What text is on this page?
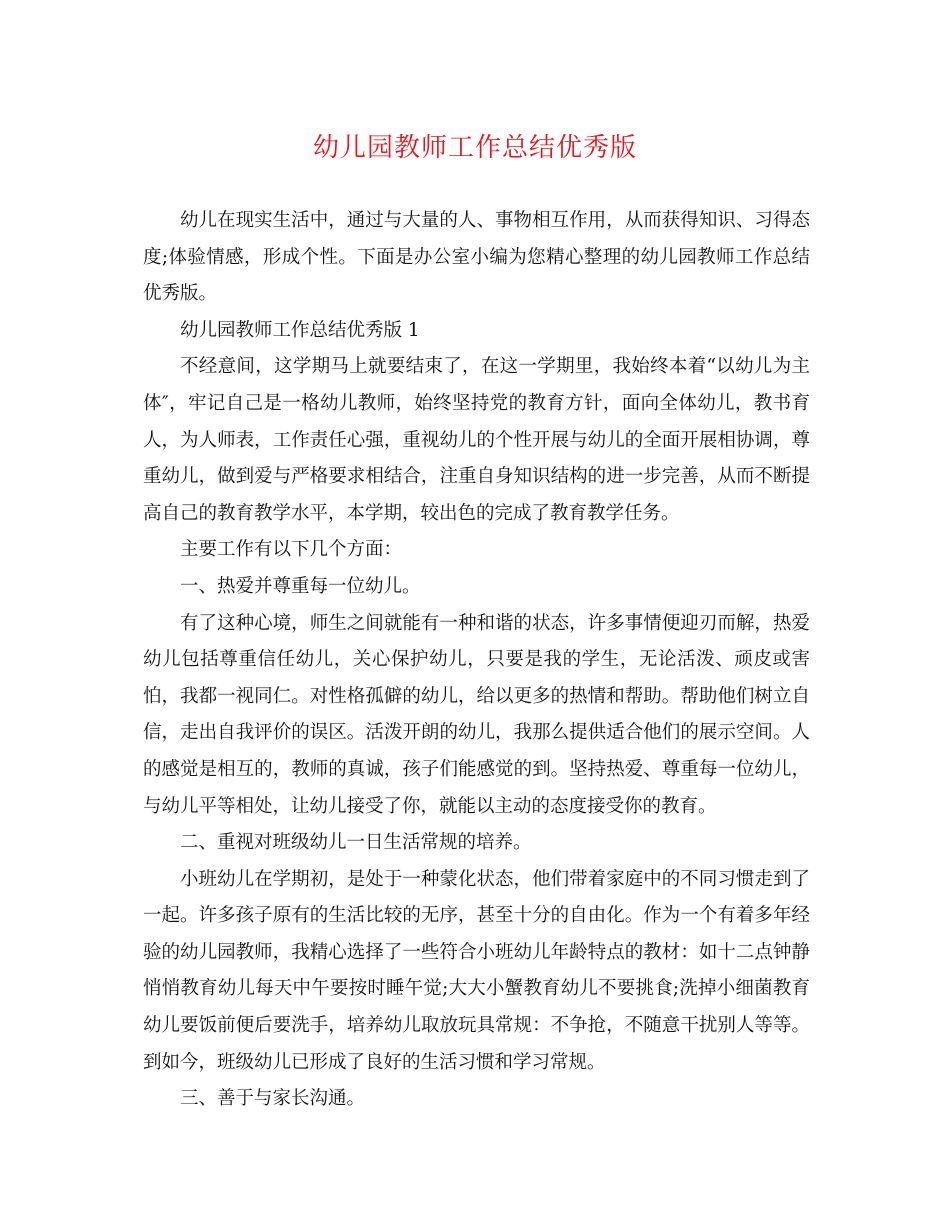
幼儿园教师工作总结优秀版

幼儿在现实生活中，通过与大量的人、事物相互作用，从而获得知识、习得态度;体验情感，形成个性。下面是办公室小编为您精心整理的幼儿园教师工作总结优秀版。

幼儿园教师工作总结优秀版 1

不经意间，这学期马上就要结束了，在这一学期里，我始终本着“以幼儿为主体″，牢记自己是一格幼儿教师，始终坚持党的教育方针，面向全体幼儿，教书育人，为人师表，工作责任心强，重视幼儿的个性开展与幼儿的全面开展相协调，尊重幼儿，做到爱与严格要求相结合，注重自身知识结构的进一步完善，从而不断提高自己的教育教学水平，本学期，较出色的完成了教育教学任务。

主要工作有以下几个方面：

一、热爱并尊重每一位幼儿。

有了这种心境，师生之间就能有一种和谐的状态，许多事情便迎刃而解，热爱幼儿包括尊重信任幼儿，关心保护幼儿，只要是我的学生，无论活泼、顽皮或害怕，我都一视同仁。对性格孤僻的幼儿，给以更多的热情和帮助。帮助他们树立自信，走出自我评价的误区。活泼开朗的幼儿，我那么提供适合他们的展示空间。人的感觉是相互的，教师的真诚，孩子们能感觉的到。坚持热爱、尊重每一位幼儿，与幼儿平等相处，让幼儿接受了你，就能以主动的态度接受你的教育。

二、重视对班级幼儿一日生活常规的培养。

小班幼儿在学期初，是处于一种蒙化状态，他们带着家庭中的不同习惯走到了一起。许多孩子原有的生活比较的无序，甚至十分的自由化。作为一个有着多年经验的幼儿园教师，我精心选择了一些符合小班幼儿年龄特点的教材：如十二点钟静悄悄教育幼儿每天中午要按时睡午觉;大大小蟹教育幼儿不要挑食;洗掉小细菌教育幼儿要饭前便后要洗手，培养幼儿取放玩具常规：不争抢，不随意干扰别人等等。到如今，班级幼儿已形成了良好的生活习惯和学习常规。

三、善于与家长沟通。
